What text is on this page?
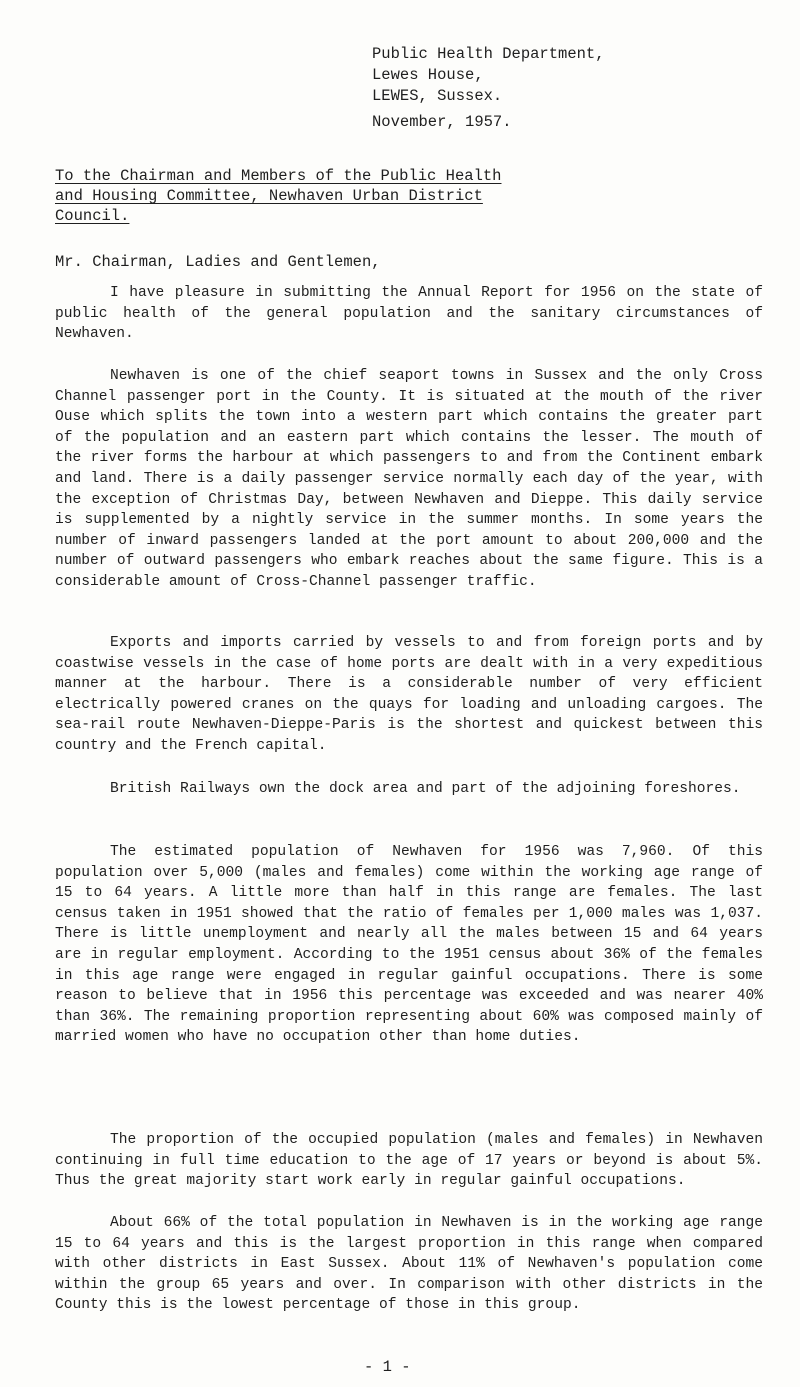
Public Health Department,
Lewes House,
LEWES, Sussex.
November, 1957.
To the Chairman and Members of the Public Health
and Housing Committee, Newhaven Urban District
Council.
Mr. Chairman, Ladies and Gentlemen,

I have pleasure in submitting the Annual Report for 1956 on the state of public health of the general population and the sanitary circumstances of Newhaven.

Newhaven is one of the chief seaport towns in Sussex and the only Cross Channel passenger port in the County. It is situated at the mouth of the river Ouse which splits the town into a western part which contains the greater part of the population and an eastern part which contains the lesser. The mouth of the river forms the harbour at which passengers to and from the Continent embark and land. There is a daily passenger service normally each day of the year, with the exception of Christmas Day, between Newhaven and Dieppe. This daily service is supplemented by a nightly service in the summer months. In some years the number of inward passengers landed at the port amount to about 200,000 and the number of outward passengers who embark reaches about the same figure. This is a considerable amount of Cross-Channel passenger traffic.

Exports and imports carried by vessels to and from foreign ports and by coastwise vessels in the case of home ports are dealt with in a very expeditious manner at the harbour. There is a considerable number of very efficient electrically powered cranes on the quays for loading and unloading cargoes. The sea-rail route Newhaven-Dieppe-Paris is the shortest and quickest between this country and the French capital.

British Railways own the dock area and part of the adjoining foreshores.

The estimated population of Newhaven for 1956 was 7,960. Of this population over 5,000 (males and females) come within the working age range of 15 to 64 years. A little more than half in this range are females. The last census taken in 1951 showed that the ratio of females per 1,000 males was 1,037. There is little unemployment and nearly all the males between 15 and 64 years are in regular employment. According to the 1951 census about 36% of the females in this age range were engaged in regular gainful occupations. There is some reason to believe that in 1956 this percentage was exceeded and was nearer 40% than 36%. The remaining proportion representing about 60% was composed mainly of married women who have no occupation other than home duties.

The proportion of the occupied population (males and females) in Newhaven continuing in full time education to the age of 17 years or beyond is about 5%. Thus the great majority start work early in regular gainful occupations.

About 66% of the total population in Newhaven is in the working age range 15 to 64 years and this is the largest proportion in this range when compared with other districts in East Sussex. About 11% of Newhaven's population come within the group 65 years and over. In comparison with other districts in the County this is the lowest percentage of those in this group.

- 1 -
